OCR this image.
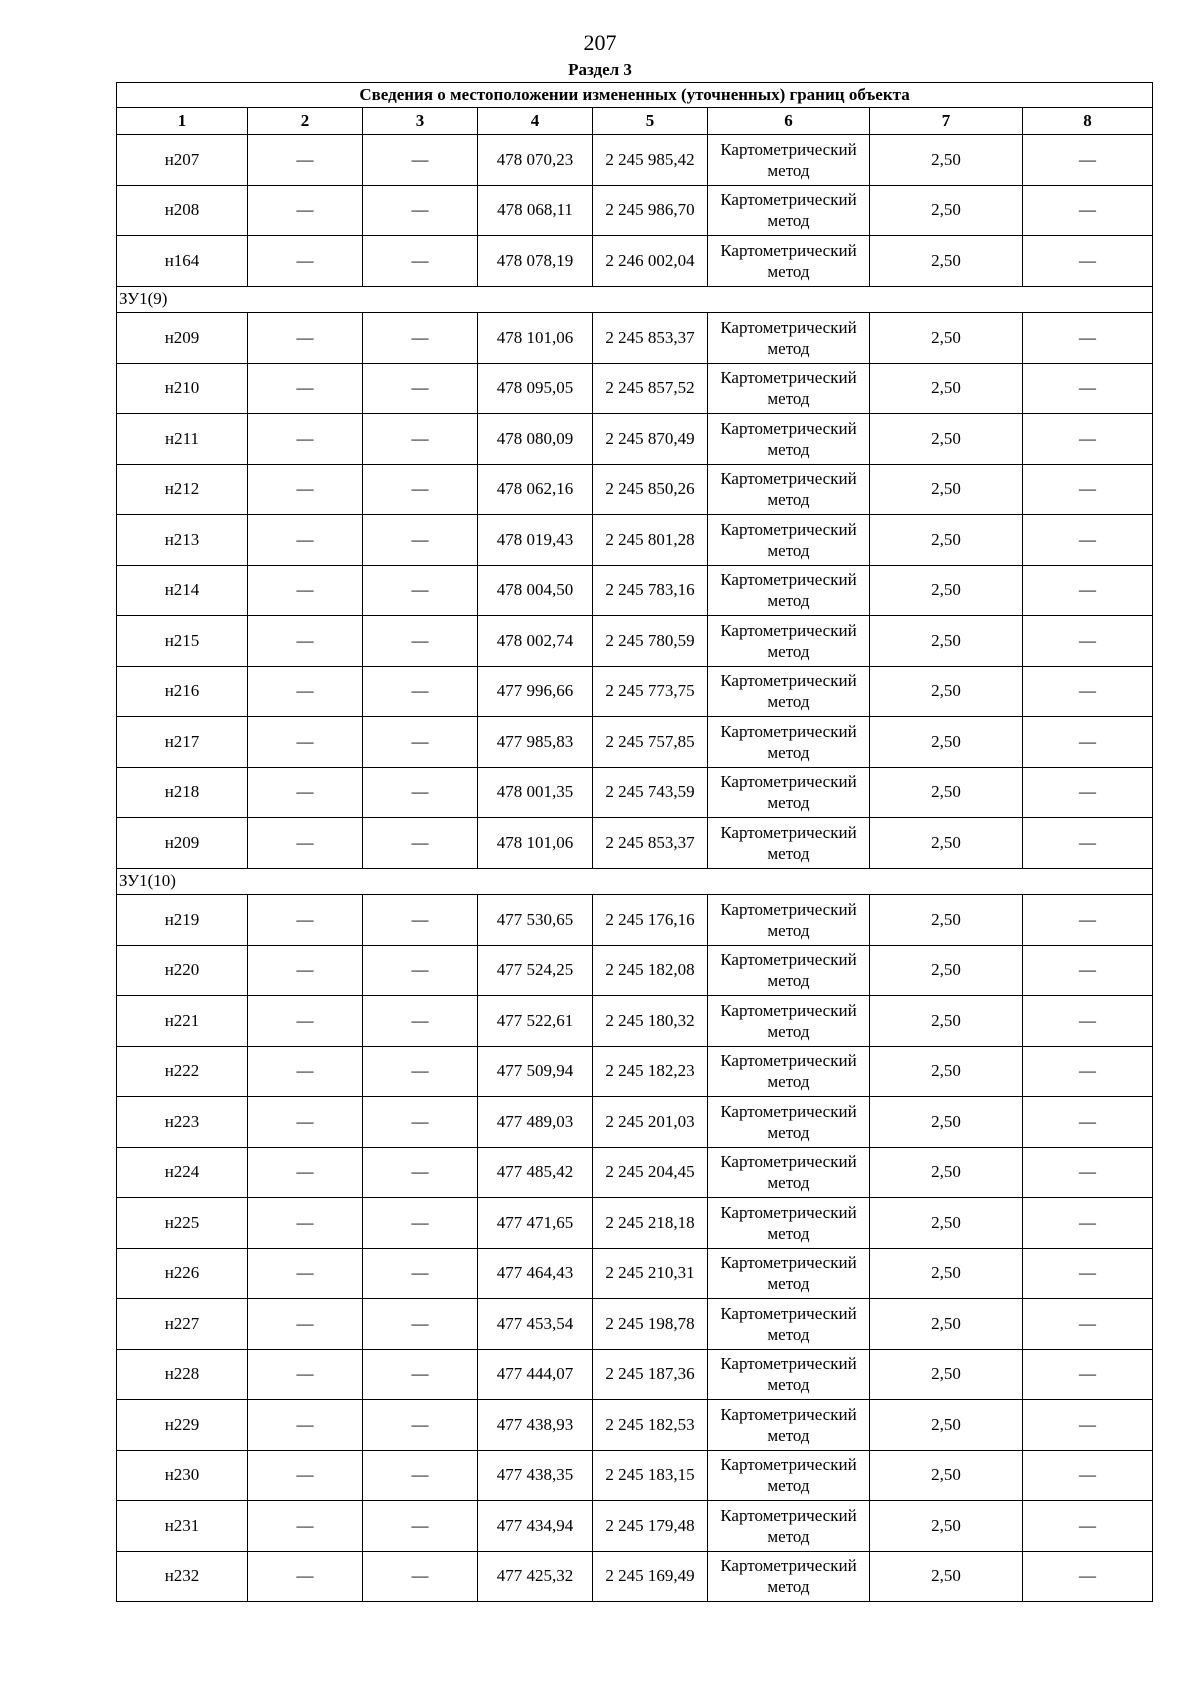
207
Раздел 3
Сведения о местоположении измененных (уточненных) границ объекта							
1	2	3	4	5	6	7	8
н207	—	—	478 070,23	2 245 985,42	Картометрический метод	2,50	—
н208	—	—	478 068,11	2 245 986,70	Картометрический метод	2,50	—
н164	—	—	478 078,19	2 246 002,04	Картометрический метод	2,50	—
ЗУ1(9)							
н209	—	—	478 101,06	2 245 853,37	Картометрический метод	2,50	—
н210	—	—	478 095,05	2 245 857,52	Картометрический метод	2,50	—
н211	—	—	478 080,09	2 245 870,49	Картометрический метод	2,50	—
н212	—	—	478 062,16	2 245 850,26	Картометрический метод	2,50	—
н213	—	—	478 019,43	2 245 801,28	Картометрический метод	2,50	—
н214	—	—	478 004,50	2 245 783,16	Картометрический метод	2,50	—
н215	—	—	478 002,74	2 245 780,59	Картометрический метод	2,50	—
н216	—	—	477 996,66	2 245 773,75	Картометрический метод	2,50	—
н217	—	—	477 985,83	2 245 757,85	Картометрический метод	2,50	—
н218	—	—	478 001,35	2 245 743,59	Картометрический метод	2,50	—
н209	—	—	478 101,06	2 245 853,37	Картометрический метод	2,50	—
ЗУ1(10)							
н219	—	—	477 530,65	2 245 176,16	Картометрический метод	2,50	—
н220	—	—	477 524,25	2 245 182,08	Картометрический метод	2,50	—
н221	—	—	477 522,61	2 245 180,32	Картометрический метод	2,50	—
н222	—	—	477 509,94	2 245 182,23	Картометрический метод	2,50	—
н223	—	—	477 489,03	2 245 201,03	Картометрический метод	2,50	—
н224	—	—	477 485,42	2 245 204,45	Картометрический метод	2,50	—
н225	—	—	477 471,65	2 245 218,18	Картометрический метод	2,50	—
н226	—	—	477 464,43	2 245 210,31	Картометрический метод	2,50	—
н227	—	—	477 453,54	2 245 198,78	Картометрический метод	2,50	—
н228	—	—	477 444,07	2 245 187,36	Картометрический метод	2,50	—
н229	—	—	477 438,93	2 245 182,53	Картометрический метод	2,50	—
н230	—	—	477 438,35	2 245 183,15	Картометрический метод	2,50	—
н231	—	—	477 434,94	2 245 179,48	Картометрический метод	2,50	—
н232	—	—	477 425,32	2 245 169,49	Картометрический метод	2,50	—
